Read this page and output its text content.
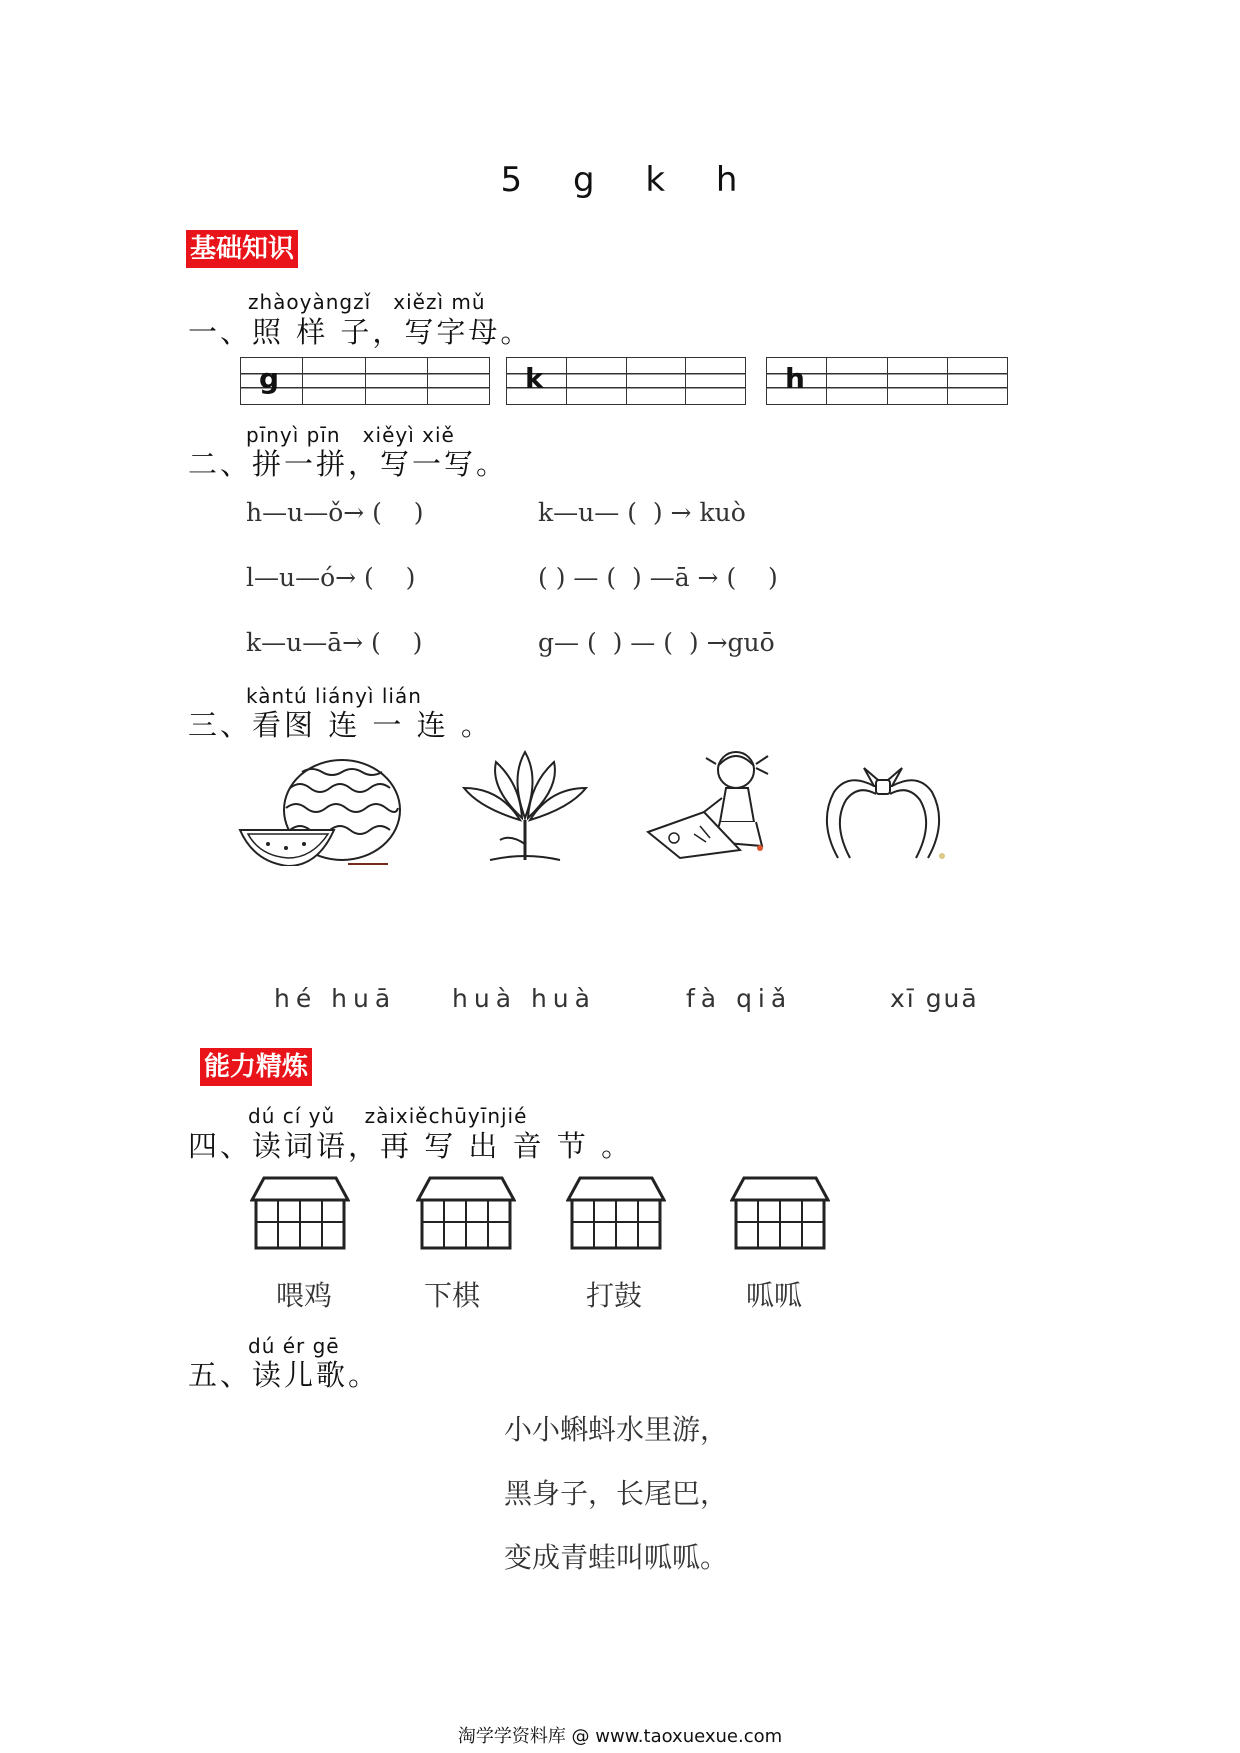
5 g k h
基础知识
zhàoyàngzǐ   xiězì mǔ
一、照 样 子，写字母。
g	k	h
pīnyì pīn   xiěyì xiě
二、拼一拼，写一写。
h—u—ǒ→ (    )	k—u— (  ) → kuò
l—u—ó→ (    )	( ) — (  ) —ā → (    )
k—u—ā→ (    )	g— (  ) — (  ) →guō
kàntú liányì lián
三、看图 连 一 连 。
hé huā huà huà	fà qiǎ	xī guā
能力精炼
dú cí yǔ    zàixiěchūyīnjié
四、读词语，再 写 出 音 节 。
喂鸡	下棋	打鼓	呱呱
dú ér gē
五、读儿歌。
小小蝌蚪水里游，
黑身子，长尾巴，
变成青蛙叫呱呱。
淘学学资料库 @ www.taoxuexue.com
